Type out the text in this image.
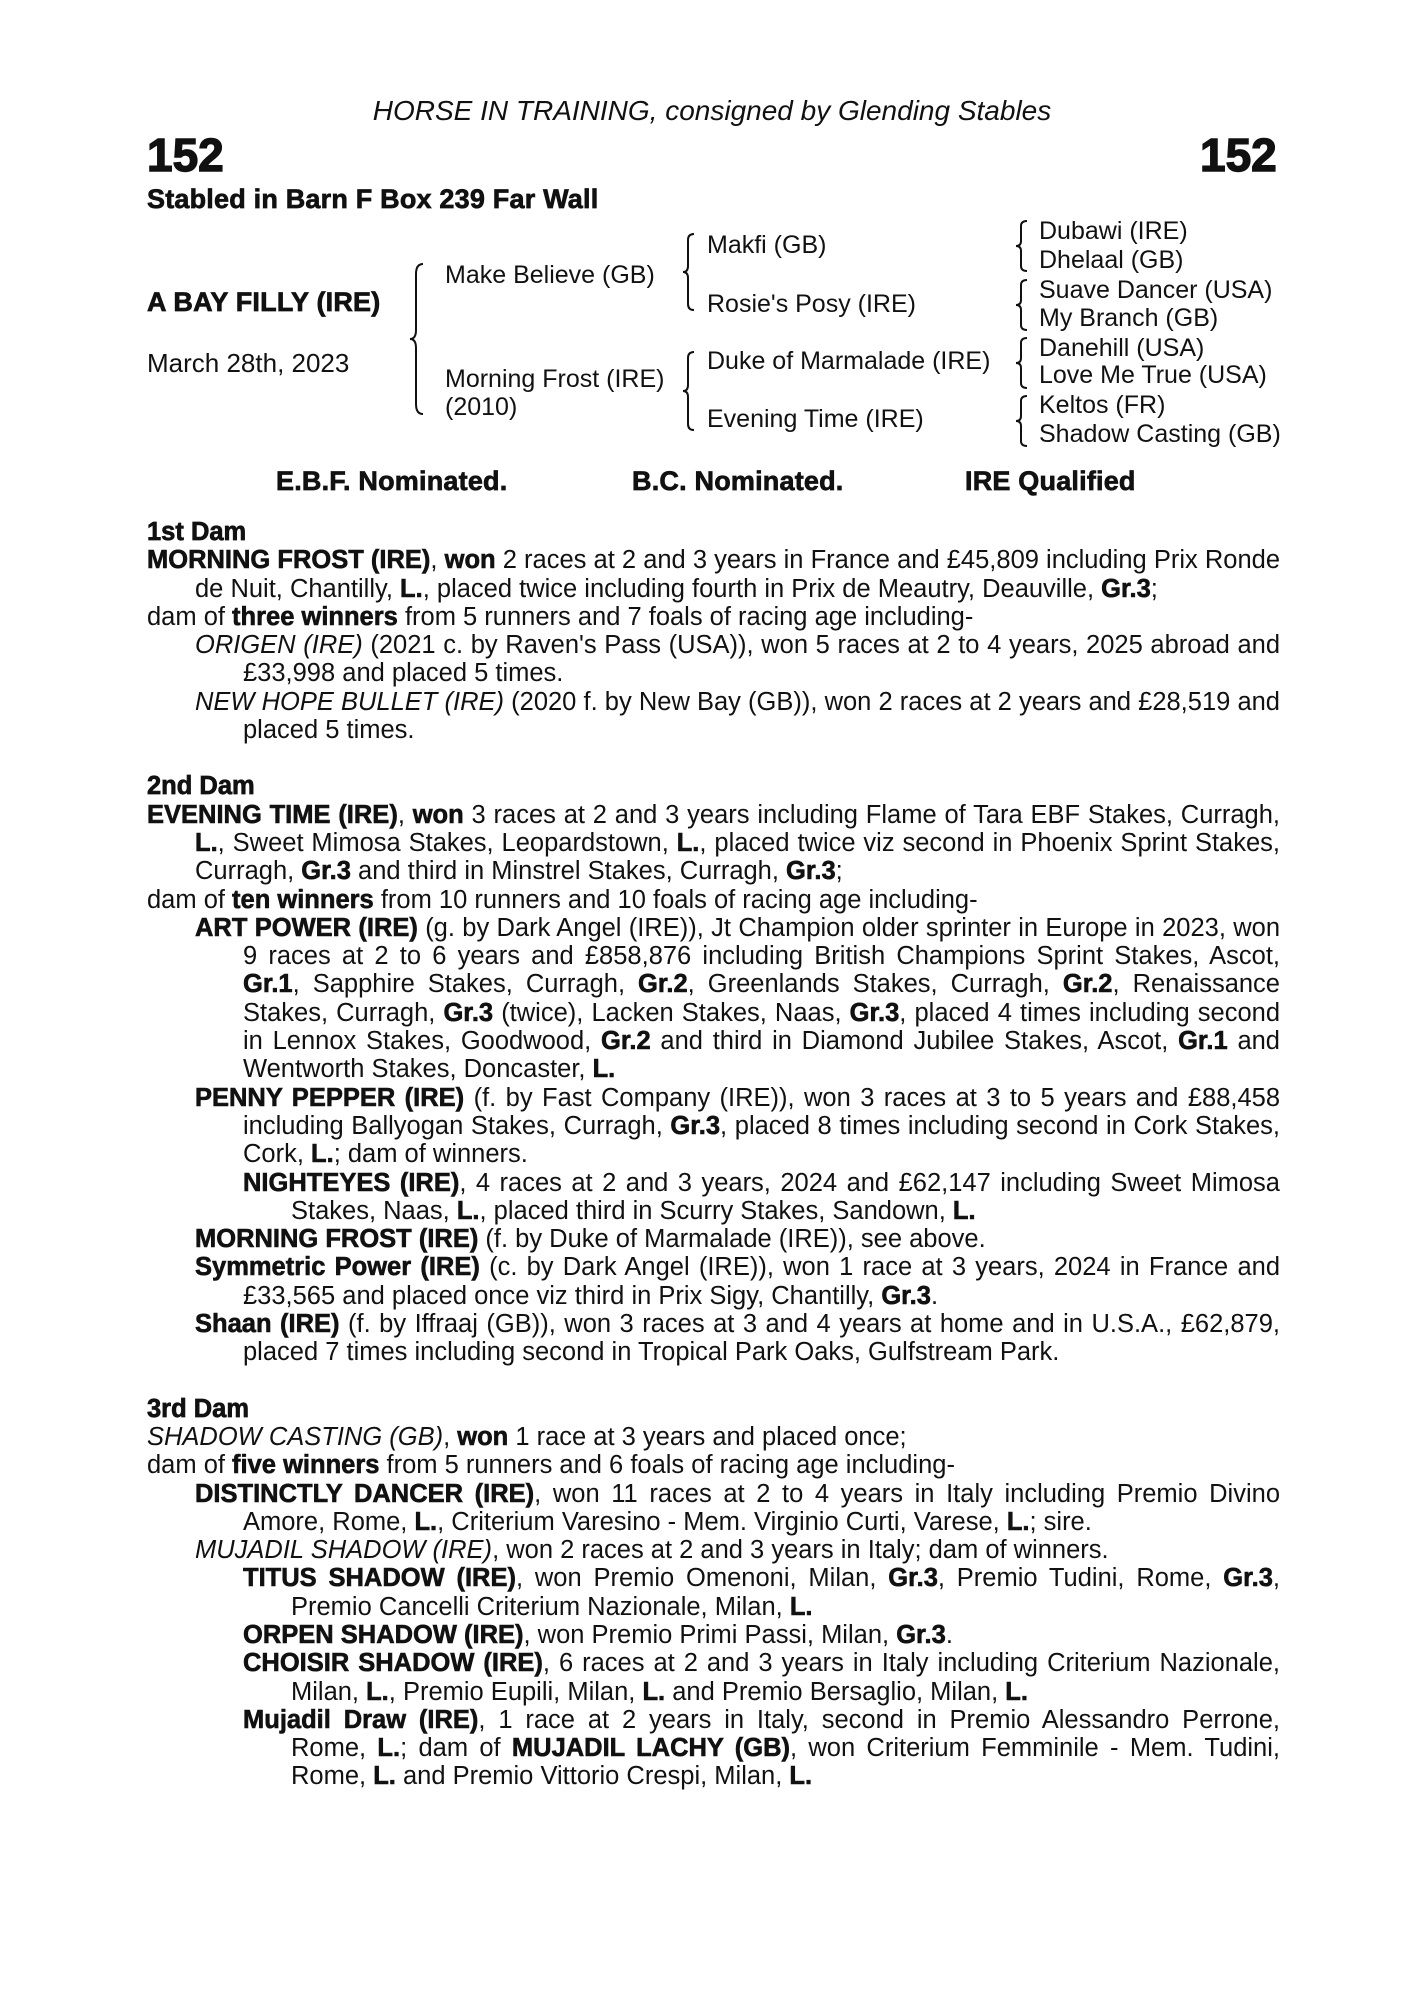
HORSE IN TRAINING, consigned by Glending Stables
152	152
Stabled in Barn F Box 239 Far Wall
A BAY FILLY (IRE)
March 28th, 2023
Make Believe (GB)
Morning Frost (IRE)
(2010)
Makfi (GB)
Rosie's Posy (IRE)
Duke of Marmalade (IRE)
Evening Time (IRE)
Dubawi (IRE)
Dhelaal (GB)
Suave Dancer (USA)
My Branch (GB)
Danehill (USA)
Love Me True (USA)
Keltos (FR)
Shadow Casting (GB)
E.B.F. Nominated.	B.C. Nominated.	IRE Qualified
1st Dam
MORNING FROST (IRE), won 2 races at 2 and 3 years in France and £45,809 including Prix Ronde de Nuit, Chantilly, L., placed twice including fourth in Prix de Meautry, Deauville, Gr.3;
dam of three winners from 5 runners and 7 foals of racing age including-
ORIGEN (IRE) (2021 c. by Raven's Pass (USA)), won 5 races at 2 to 4 years, 2025 abroad and £33,998 and placed 5 times.
NEW HOPE BULLET (IRE) (2020 f. by New Bay (GB)), won 2 races at 2 years and £28,519 and placed 5 times.
2nd Dam
EVENING TIME (IRE), won 3 races at 2 and 3 years including Flame of Tara EBF Stakes, Curragh, L., Sweet Mimosa Stakes, Leopardstown, L., placed twice viz second in Phoenix Sprint Stakes, Curragh, Gr.3 and third in Minstrel Stakes, Curragh, Gr.3;
dam of ten winners from 10 runners and 10 foals of racing age including-
ART POWER (IRE) (g. by Dark Angel (IRE)), Jt Champion older sprinter in Europe in 2023, won 9 races at 2 to 6 years and £858,876 including British Champions Sprint Stakes, Ascot, Gr.1, Sapphire Stakes, Curragh, Gr.2, Greenlands Stakes, Curragh, Gr.2, Renaissance Stakes, Curragh, Gr.3 (twice), Lacken Stakes, Naas, Gr.3, placed 4 times including second in Lennox Stakes, Goodwood, Gr.2 and third in Diamond Jubilee Stakes, Ascot, Gr.1 and Wentworth Stakes, Doncaster, L.
PENNY PEPPER (IRE) (f. by Fast Company (IRE)), won 3 races at 3 to 5 years and £88,458 including Ballyogan Stakes, Curragh, Gr.3, placed 8 times including second in Cork Stakes, Cork, L.; dam of winners.
NIGHTEYES (IRE), 4 races at 2 and 3 years, 2024 and £62,147 including Sweet Mimosa Stakes, Naas, L., placed third in Scurry Stakes, Sandown, L.
MORNING FROST (IRE) (f. by Duke of Marmalade (IRE)), see above.
Symmetric Power (IRE) (c. by Dark Angel (IRE)), won 1 race at 3 years, 2024 in France and £33,565 and placed once viz third in Prix Sigy, Chantilly, Gr.3.
Shaan (IRE) (f. by Iffraaj (GB)), won 3 races at 3 and 4 years at home and in U.S.A., £62,879, placed 7 times including second in Tropical Park Oaks, Gulfstream Park.
3rd Dam
SHADOW CASTING (GB), won 1 race at 3 years and placed once;
dam of five winners from 5 runners and 6 foals of racing age including-
DISTINCTLY DANCER (IRE), won 11 races at 2 to 4 years in Italy including Premio Divino Amore, Rome, L., Criterium Varesino - Mem. Virginio Curti, Varese, L.; sire.
MUJADIL SHADOW (IRE), won 2 races at 2 and 3 years in Italy; dam of winners.
TITUS SHADOW (IRE), won Premio Omenoni, Milan, Gr.3, Premio Tudini, Rome, Gr.3, Premio Cancelli Criterium Nazionale, Milan, L.
ORPEN SHADOW (IRE), won Premio Primi Passi, Milan, Gr.3.
CHOISIR SHADOW (IRE), 6 races at 2 and 3 years in Italy including Criterium Nazionale, Milan, L., Premio Eupili, Milan, L. and Premio Bersaglio, Milan, L.
Mujadil Draw (IRE), 1 race at 2 years in Italy, second in Premio Alessandro Perrone, Rome, L.; dam of MUJADIL LACHY (GB), won Criterium Femminile - Mem. Tudini, Rome, L. and Premio Vittorio Crespi, Milan, L.
